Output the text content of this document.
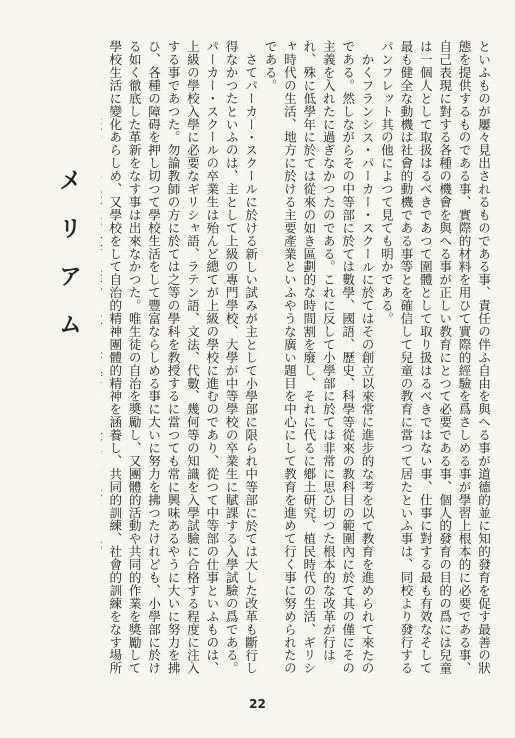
といふものが屢々見出されるものである事、責任の伴ふ自由を與へる事が道德的並に知的發育を促す最善の狀態を提供するものである事、實際的材料を用ひて實際的經驗を爲さしめる事が學習上根本的に必要である事、自己表現に對する各種の機會を與へる事が正しい教育にとつて必要である事、個人的發育の目的の爲には兒童は一個人として取扱はるべきであつて圍體として取り扱はるべきではない事、仕事に對する最も有效なそして最も健全な動機は社會的動機である事等とを確信して兒童の教育に當つて居たといふ事は、同校より發行するパンフレット其の他によつて見ても明かである。

かくフランシス・パーカー・スクールに於てはその創立以來常に進步的な考を以て教育を進められて來たのである。然しながらその中等部に於ては數學、國語、歷史、科學等從來の教科目の範圍內に於て其の僅にその主義を入れたに過ぎなかつたのである。これに反して小學部に於ては非常に思ひ切つた根本的な改革が行はれ、殊に低學年に於ては從來の如き區劃的な時間割を廢し、それに代るに鄕土研究、植民時代の生活、ギリシャ時代の生活、地方に於ける主要產業といふやうな廣い題目を中心にして教育を進めて行く事に努められたのである。

さてパーカー・スクールに於ける新しい試みが主として小學部に限られ中等部に於ては大した改革も斷行し得なかつたといふのは、主として上級の專門學校、大學が中等學校の卒業生に賦課する入學試驗の爲である。パーカー・スクールの卒業生は殆んど總てが上級の學校に進むのであり、從つて中等部の仕事といふものは、上級の學校入學に必要なギリシャ語、ラテン語、文法、代數、幾何等の知識を入學試驗に合格する程度に注入する事であつた。勿論教師の方に於ては之等の學科を教授するに當つても常に興味あるやうに大いに努力を拂ひ、各種の障碍を押し切つて學校生活をして豐富ならしめる事に大いに努力を拂つたけれども、小學部に於ける如く徹底した革新をなす事は出來なかつた。唯生徒の自治を奬勵し、又團體的活動や共同的作業を獎勵して學校生活に變化あらしめ、又學校をして自治的精神團體的精神を涵養し、共同的訓練、社會的訓練をなす場所

メリアム
22
